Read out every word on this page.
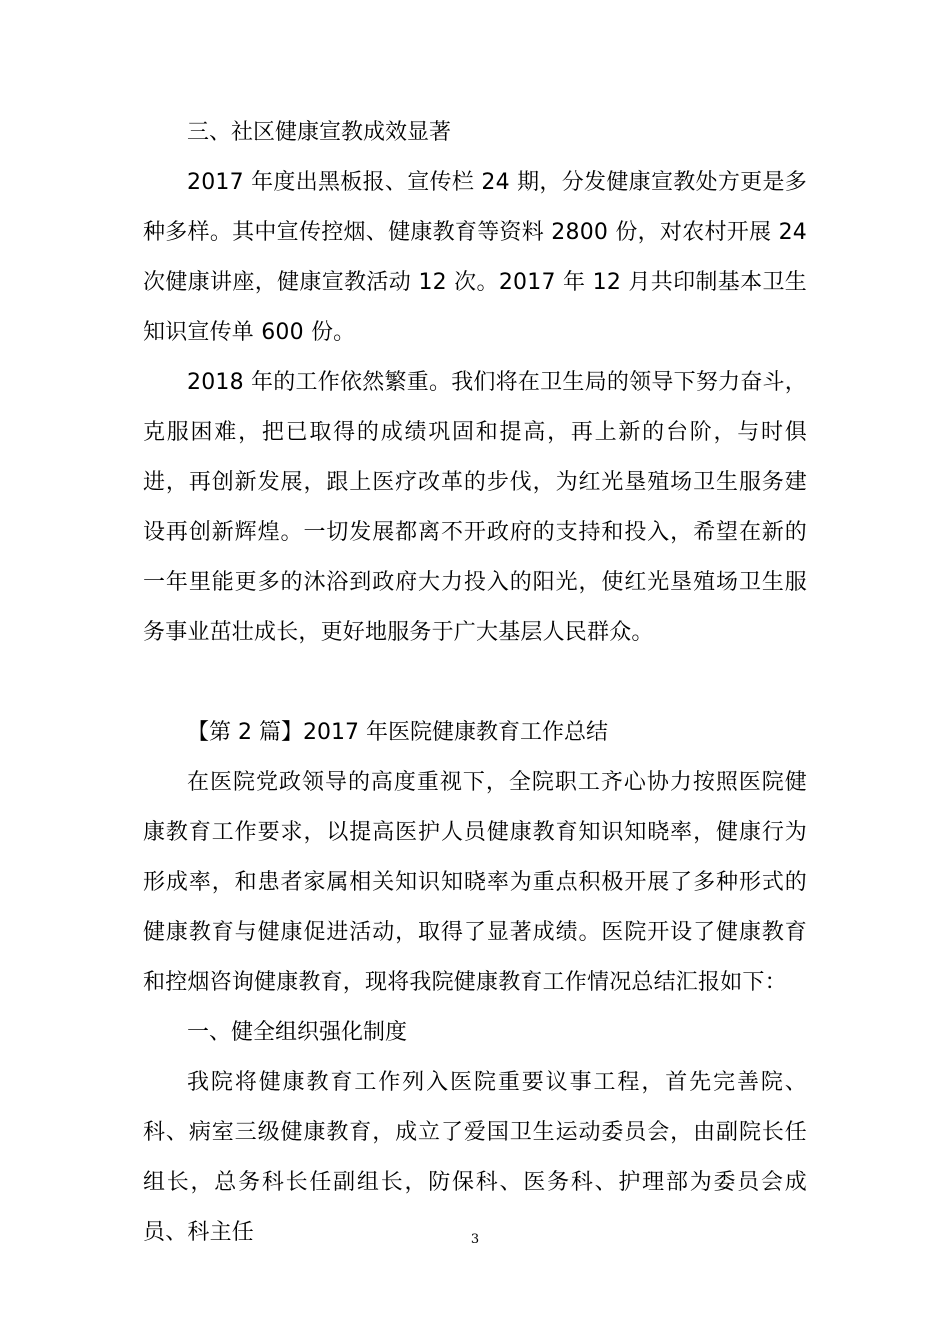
三、社区健康宣教成效显著

2017 年度出黑板报、宣传栏 24 期，分发健康宣教处方更是多种多样。其中宣传控烟、健康教育等资料 2800 份，对农村开展 24 次健康讲座，健康宣教活动 12 次。2017 年 12 月共印制基本卫生知识宣传单 600 份。

2018 年的工作依然繁重。我们将在卫生局的领导下努力奋斗，克服困难，把已取得的成绩巩固和提高，再上新的台阶，与时俱进，再创新发展，跟上医疗改革的步伐，为红光垦殖场卫生服务建设再创新辉煌。一切发展都离不开政府的支持和投入，希望在新的一年里能更多的沐浴到政府大力投入的阳光，使红光垦殖场卫生服务事业茁壮成长，更好地服务于广大基层人民群众。

【第 2 篇】2017 年医院健康教育工作总结

在医院党政领导的高度重视下，全院职工齐心协力按照医院健康教育工作要求，以提高医护人员健康教育知识知晓率，健康行为形成率，和患者家属相关知识知晓率为重点积极开展了多种形式的健康教育与健康促进活动，取得了显著成绩。医院开设了健康教育和控烟咨询健康教育，现将我院健康教育工作情况总结汇报如下：

一、健全组织强化制度

我院将健康教育工作列入医院重要议事工程，首先完善院、科、病室三级健康教育，成立了爱国卫生运动委员会，由副院长任组长，总务科长任副组长，防保科、医务科、护理部为委员会成员、科主任	3
